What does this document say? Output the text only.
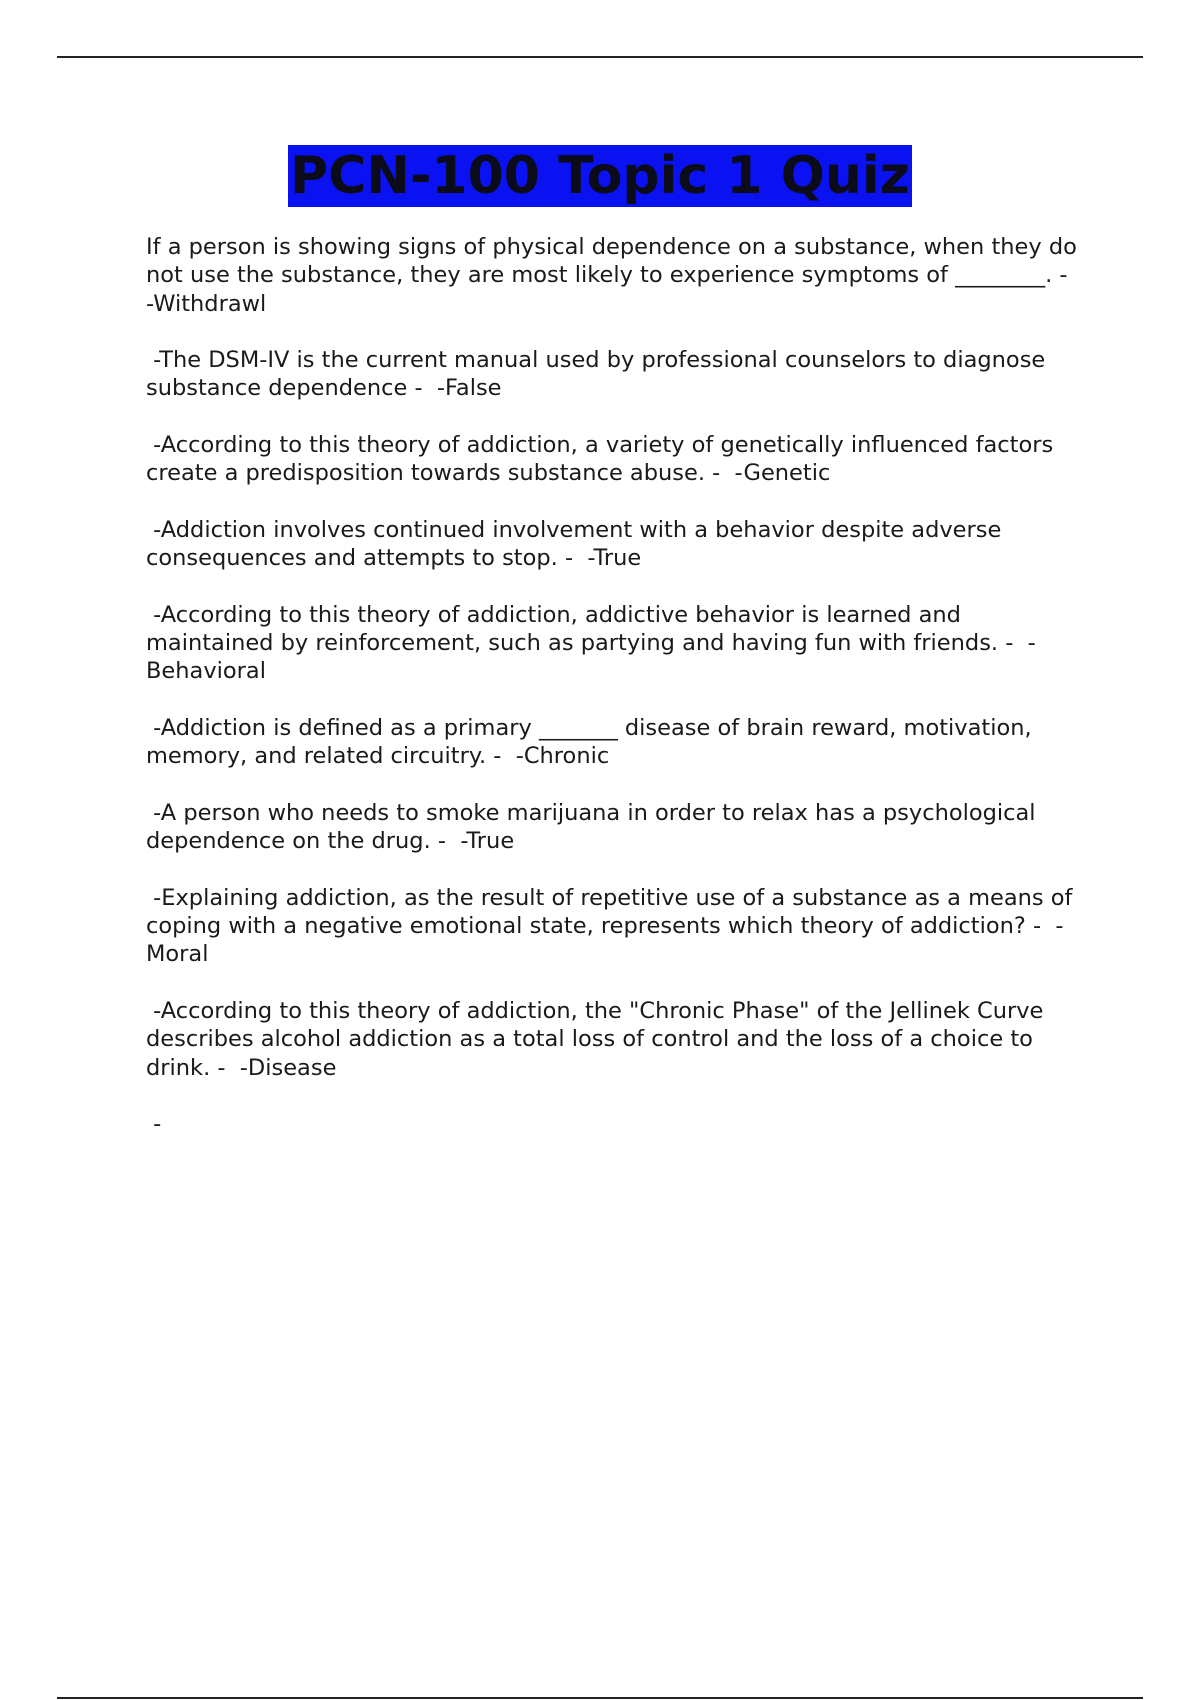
PCN-100 Topic 1 Quiz

If a person is showing signs of physical dependence on a substance, when they do not use the substance, they are most likely to experience symptoms of ________. -  -Withdrawl

-The DSM-IV is the current manual used by professional counselors to diagnose substance dependence -  -False

-According to this theory of addiction, a variety of genetically influenced factors create a predisposition towards substance abuse. -  -Genetic

-Addiction involves continued involvement with a behavior despite adverse consequences and attempts to stop. -  -True

-According to this theory of addiction, addictive behavior is learned and maintained by reinforcement, such as partying and having fun with friends. -  -Behavioral

-Addiction is defined as a primary _______ disease of brain reward, motivation, memory, and related circuitry. -  -Chronic

-A person who needs to smoke marijuana in order to relax has a psychological dependence on the drug. -  -True

-Explaining addiction, as the result of repetitive use of a substance as a means of coping with a negative emotional state, represents which theory of addiction? -  -Moral

-According to this theory of addiction, the "Chronic Phase" of the Jellinek Curve describes alcohol addiction as a total loss of control and the loss of a choice to drink. -  -Disease

-
